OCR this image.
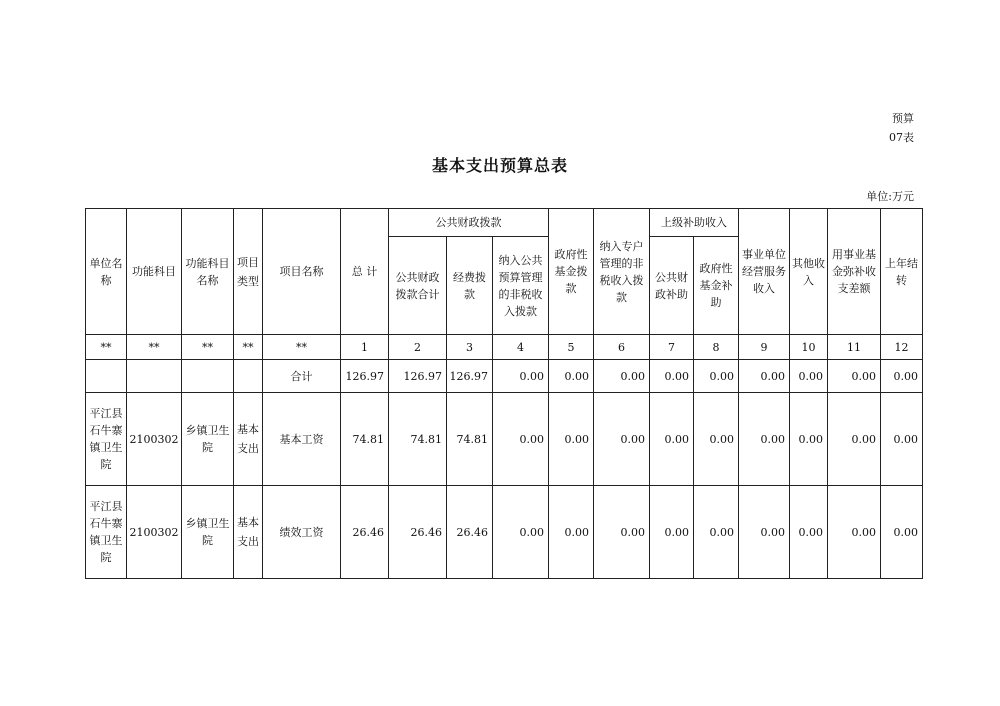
预算
07表
基本支出预算总表
单位:万元
单位名称	功能科目	功能科目名称	项目类型	项目名称	总 计	公共财政拨款			政府性基金拨款	纳入专户管理的非税收入拨款	上级补助收入		事业单位经营服务收入	其他收入	用事业基金弥补收支差额	上年结转
						公共财政拨款合计	经费拨款	纳入公共预算管理的非税收入拨款			公共财政补助	政府性基金补助				
**	**	**	**	**	1	2	3	4	5	6	7	8	9	10	11	12
				合计	126.97	126.97	126.97	0.00	0.00	0.00	0.00	0.00	0.00	0.00	0.00	0.00
平江县石牛寨镇卫生院	2100302	乡镇卫生院	基本支出	基本工资	74.81	74.81	74.81	0.00	0.00	0.00	0.00	0.00	0.00	0.00	0.00	0.00
平江县石牛寨镇卫生院	2100302	乡镇卫生院	基本支出	绩效工资	26.46	26.46	26.46	0.00	0.00	0.00	0.00	0.00	0.00	0.00	0.00	0.00
